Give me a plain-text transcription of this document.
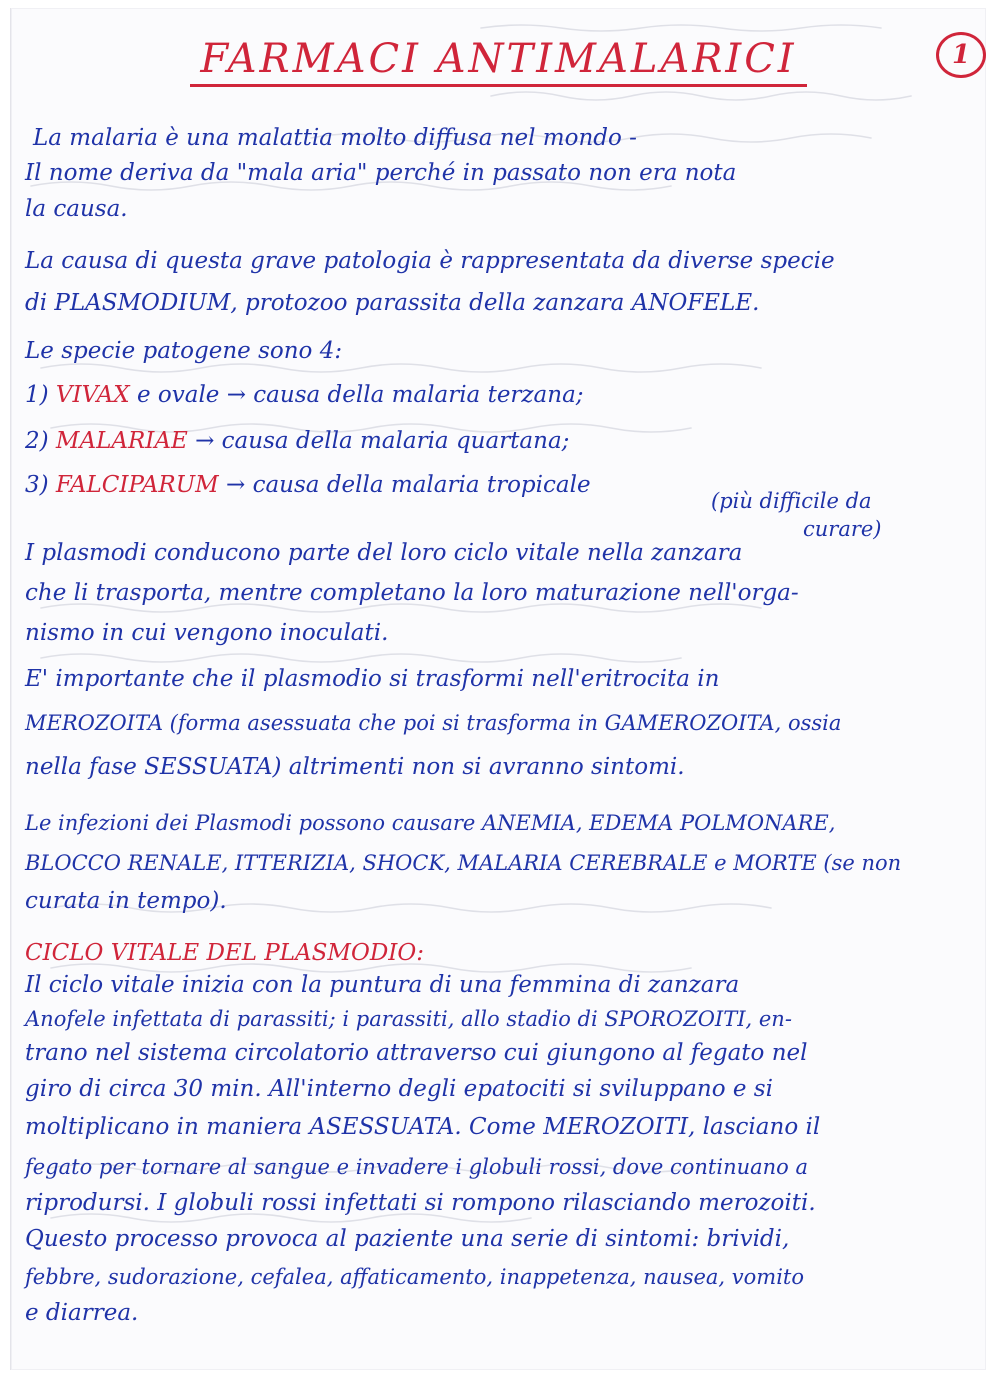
FARMACI ANTIMALARICI	1
La malaria è una malattia molto diffusa nel mondo -
Il nome deriva da "mala aria" perché in passato non era nota
la causa.
La causa di questa grave patologia è rappresentata da diverse specie
di PLASMODIUM, protozoo parassita della zanzara ANOFELE.
Le specie patogene sono 4:
1) VIVAX e ovale → causa della malaria terzana;
2) MALARIAE → causa della malaria quartana;
3) FALCIPARUM → causa della malaria tropicale
(più difficile da
curare)
I plasmodi conducono parte del loro ciclo vitale nella zanzara
che li trasporta, mentre completano la loro maturazione nell'orga-
nismo in cui vengono inoculati.
E' importante che il plasmodio si trasformi nell'eritrocita in
MEROZOITA (forma asessuata che poi si trasforma in GAMEROZOITA, ossia
nella fase SESSUATA) altrimenti non si avranno sintomi.
Le infezioni dei Plasmodi possono causare ANEMIA, EDEMA POLMONARE,
BLOCCO RENALE, ITTERIZIA, SHOCK, MALARIA CEREBRALE e MORTE (se non
curata in tempo).
CICLO VITALE DEL PLASMODIO:
Il ciclo vitale inizia con la puntura di una femmina di zanzara
Anofele infettata di parassiti; i parassiti, allo stadio di SPOROZOITI, en-
trano nel sistema circolatorio attraverso cui giungono al fegato nel
giro di circa 30 min. All'interno degli epatociti si sviluppano e si
moltiplicano in maniera ASESSUATA. Come MEROZOITI, lasciano il
fegato per tornare al sangue e invadere i globuli rossi, dove continuano a
riprodursi. I globuli rossi infettati si rompono rilasciando merozoiti.
Questo processo provoca al paziente una serie di sintomi: brividi,
febbre, sudorazione, cefalea, affaticamento, inappetenza, nausea, vomito
e diarrea.
